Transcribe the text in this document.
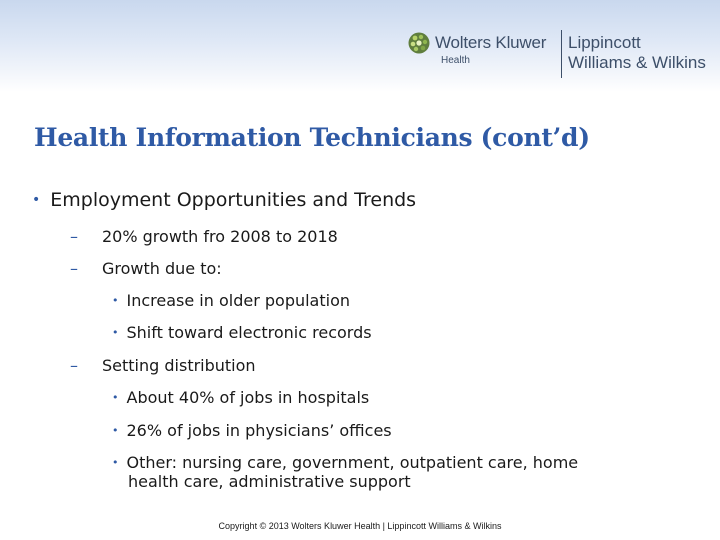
Wolters Kluwer
Health
Lippincott
Williams & Wilkins
Health Information Technicians (cont’d)
• Employment Opportunities and Trends
– 20% growth fro 2008 to 2018
– Growth due to:
• Increase in older population
• Shift toward electronic records
– Setting distribution
• About 40% of jobs in hospitals
• 26% of jobs in physicians’ offices
• Other: nursing care, government, outpatient care, home
health care, administrative support
Copyright © 2013 Wolters Kluwer Health | Lippincott Williams & Wilkins
